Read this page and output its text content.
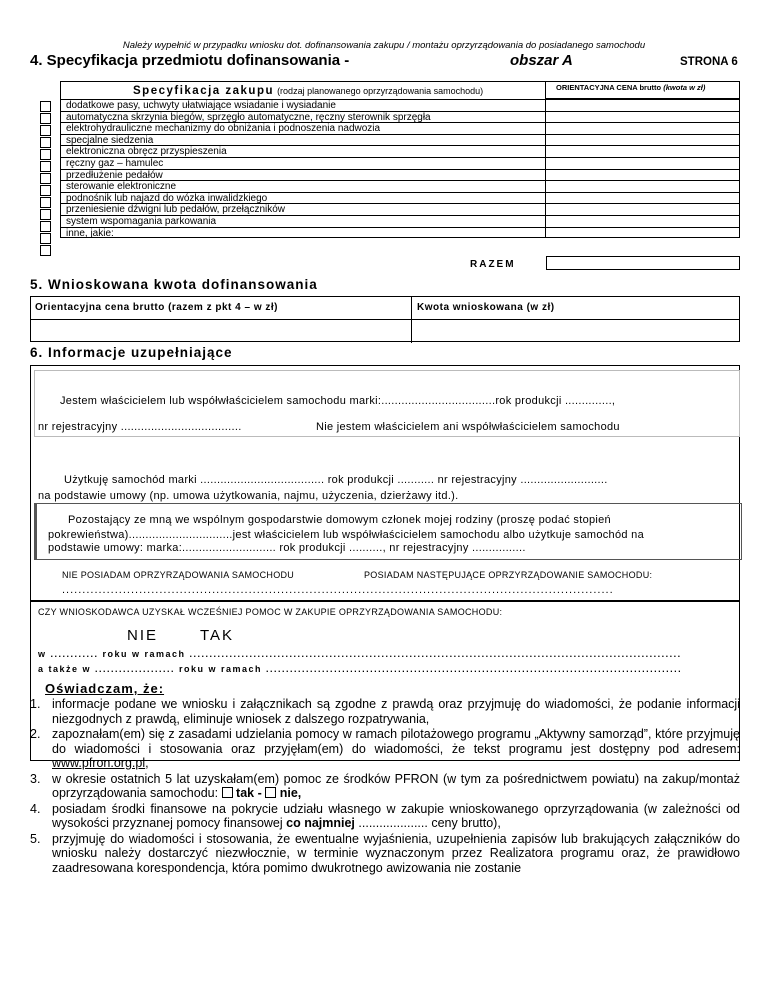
Należy wypełnić w przypadku wniosku dot. dofinansowania zakupu / montażu oprzyrządowania do posiadanego samochodu
4. Specyfikacja przedmiotu dofinansowania -	obszar A	STRONA 6
Specyfikacja zakupu (rodzaj planowanego oprzyrządowania samochodu)	ORIENTACYJNA CENA brutto (kwota w zł)
dodatkowe pasy, uchwyty ułatwiające wsiadanie i wysiadanie
automatyczna skrzynia biegów, sprzęgło automatyczne, ręczny sterownik sprzęgła
elektrohydrauliczne mechanizmy do obniżania i podnoszenia nadwozia
specjalne siedzenia
elektroniczna obręcz przyspieszenia
ręczny gaz – hamulec
przedłużenie pedałów
sterowanie elektroniczne
podnośnik lub najazd do wózka inwalidzkiego
przeniesienie dźwigni lub pedałów, przełączników
system wspomagania parkowania
inne, jakie:
RAZEM
5. Wnioskowana kwota dofinansowania
Orientacyjna cena brutto (razem z pkt 4 – w zł)	Kwota wnioskowana (w zł)
6. Informacje uzupełniające
Jestem właścicielem lub współwłaścicielem samochodu marki:..................................rok produkcji ..............,
nr rejestracyjny ....................................	Nie jestem właścicielem ani współwłaścicielem samochodu
Użytkuję samochód marki ..................................... rok produkcji ........... nr rejestracyjny ..........................
na podstawie umowy (np. umowa użytkowania, najmu, użyczenia, dzierżawy itd.).
Pozostający ze mną we wspólnym gospodarstwie domowym członek mojej rodziny (proszę podać stopień
pokrewieństwa)...............................jest właścicielem lub współwłaścicielem samochodu albo użytkuje samochód na
podstawie umowy: marka:............................ rok produkcji .........., nr rejestracyjny ................
NIE POSIADAM OPRZYRZĄDOWANIA SAMOCHODU	POSIADAM NASTĘPUJĄCE OPRZYRZĄDOWANIE SAMOCHODU:
........................................................................................................................................
CZY WNIOSKODAWCA UZYSKAŁ WCZEŚNIEJ POMOC W ZAKUPIE OPRZYRZĄDOWANIA SAMOCHODU:
NIE	TAK
w ............ roku w ramach ...........................................................................................................................
a także w .................... roku w ramach ........................................................................................................
Oświadczam, że:
1. informacje podane we wniosku i załącznikach są zgodne z prawdą oraz przyjmuję do wiadomości, że podanie informacji niezgodnych z prawdą, eliminuje wniosek z dalszego rozpatrywania,
2. zapoznałam(em) się z zasadami udzielania pomocy w ramach pilotażowego programu „Aktywny samorząd”, które przyjmuję do wiadomości i stosowania oraz przyjęłam(em) do wiadomości, że tekst programu jest dostępny pod adresem: www.pfron.org.pl,
3. w okresie ostatnich 5 lat uzyskałam(em) pomoc ze środków PFRON (w tym za pośrednictwem powiatu) na zakup/montaż oprzyrządowania samochodu:  tak - nie,
4. posiadam środki finansowe na pokrycie udziału własnego w zakupie wnioskowanego oprzyrządowania (w zależności od wysokości przyznanej pomocy finansowej co najmniej .................... ceny brutto),
5. przyjmuję do wiadomości i stosowania, że ewentualne wyjaśnienia, uzupełnienia zapisów lub brakujących załączników do wniosku należy dostarczyć niezwłocznie, w terminie wyznaczonym przez Realizatora programu oraz, że prawidłowo zaadresowana korespondencja, która pomimo dwukrotnego awizowania nie zostanie
